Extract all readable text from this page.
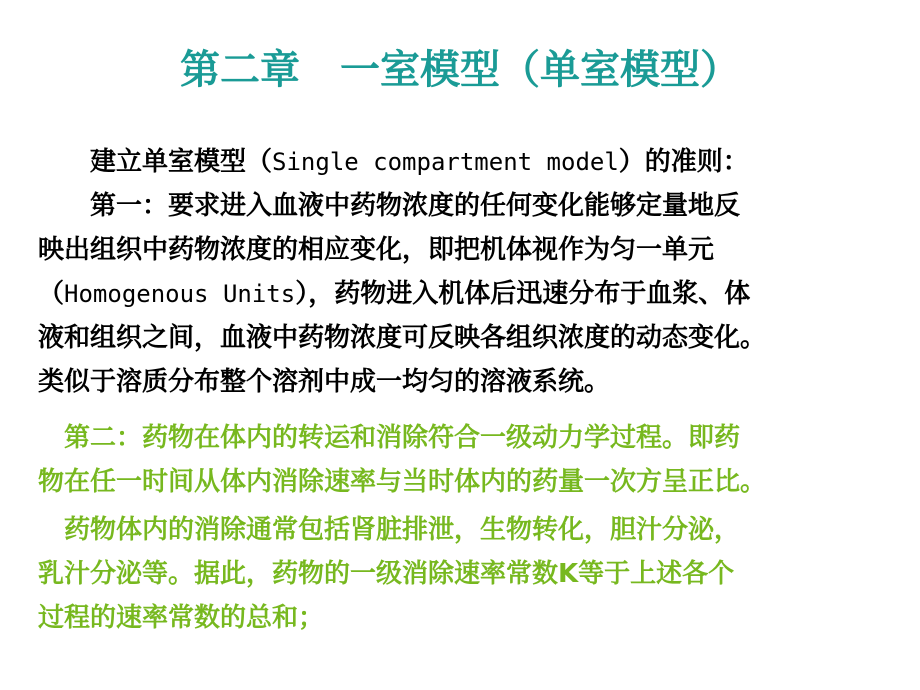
第二章　一室模型（单室模型）
　　建立单室模型（Single compartment model）的准则：
　　第一：要求进入血液中药物浓度的任何变化能够定量地反
映出组织中药物浓度的相应变化，即把机体视作为匀一单元
（Homogenous Units），药物进入机体后迅速分布于血浆、体
液和组织之间，血液中药物浓度可反映各组织浓度的动态变化。
类似于溶质分布整个溶剂中成一均匀的溶液系统。
　第二：药物在体内的转运和消除符合一级动力学过程。即药
物在任一时间从体内消除速率与当时体内的药量一次方呈正比。
　药物体内的消除通常包括肾脏排泄，生物转化，胆汁分泌，
乳汁分泌等。据此，药物的一级消除速率常数K等于上述各个
过程的速率常数的总和；
